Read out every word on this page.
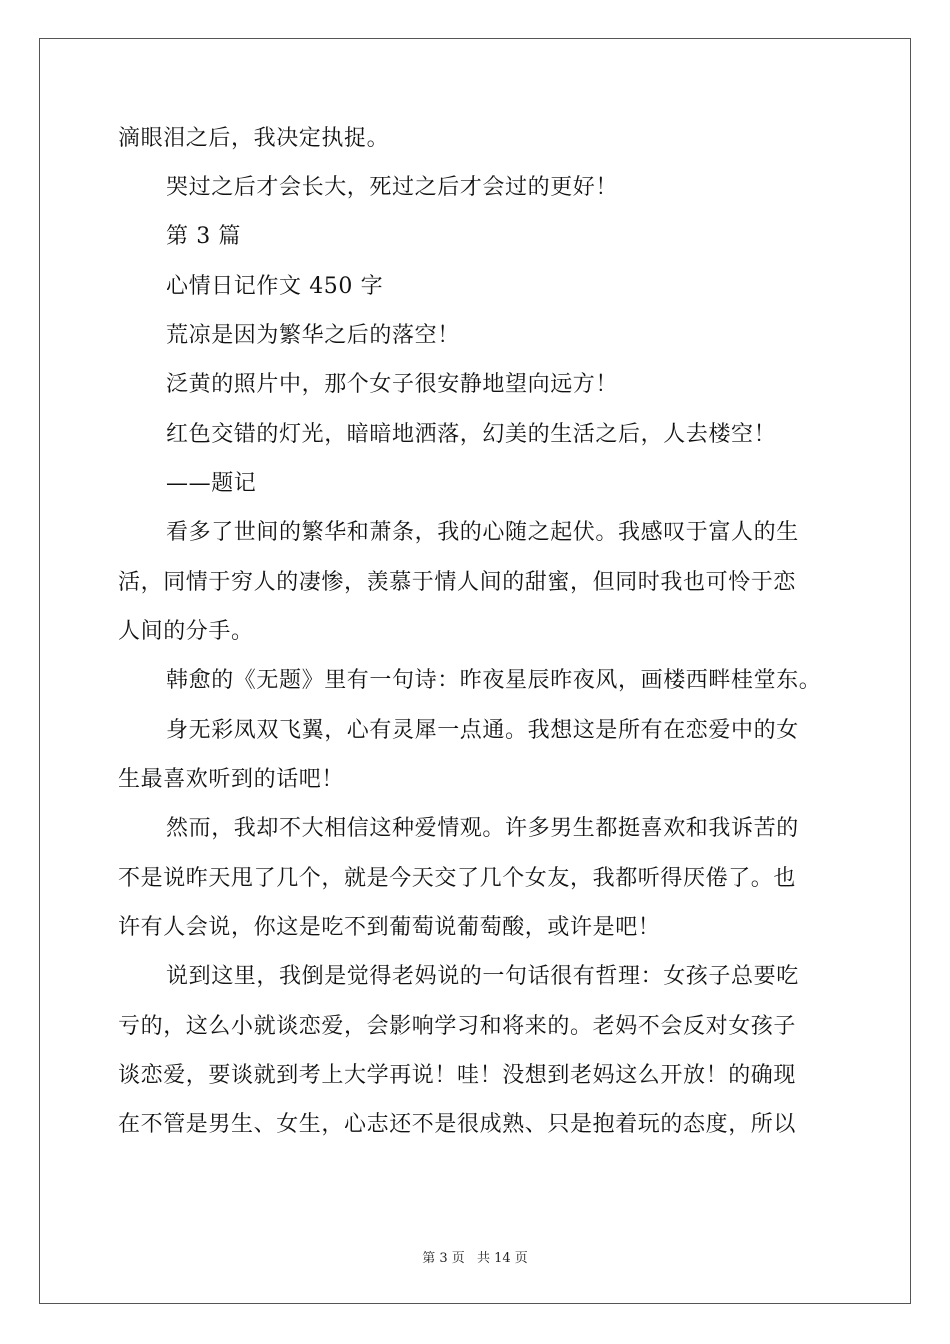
滴眼泪之后，我决定执捉。
哭过之后才会长大，死过之后才会过的更好！
第 3 篇
心情日记作文 450 字
荒凉是因为繁华之后的落空！
泛黄的照片中，那个女子很安静地望向远方！
红色交错的灯光，暗暗地洒落，幻美的生活之后，人去楼空！
——题记
看多了世间的繁华和萧条，我的心随之起伏。我感叹于富人的生
活，同情于穷人的凄惨，羡慕于情人间的甜蜜，但同时我也可怜于恋
人间的分手。
韩愈的《无题》里有一句诗：昨夜星辰昨夜风，画楼西畔桂堂东。
身无彩凤双飞翼，心有灵犀一点通。我想这是所有在恋爱中的女
生最喜欢听到的话吧！
然而，我却不大相信这种爱情观。许多男生都挺喜欢和我诉苦的
不是说昨天甩了几个，就是今天交了几个女友，我都听得厌倦了。也
许有人会说，你这是吃不到葡萄说葡萄酸，或许是吧！
说到这里，我倒是觉得老妈说的一句话很有哲理：女孩子总要吃
亏的，这么小就谈恋爱，会影响学习和将来的。老妈不会反对女孩子
谈恋爱，要谈就到考上大学再说！哇！没想到老妈这么开放！的确现
在不管是男生、女生，心志还不是很成熟、只是抱着玩的态度，所以
第 3 页 共 14 页
